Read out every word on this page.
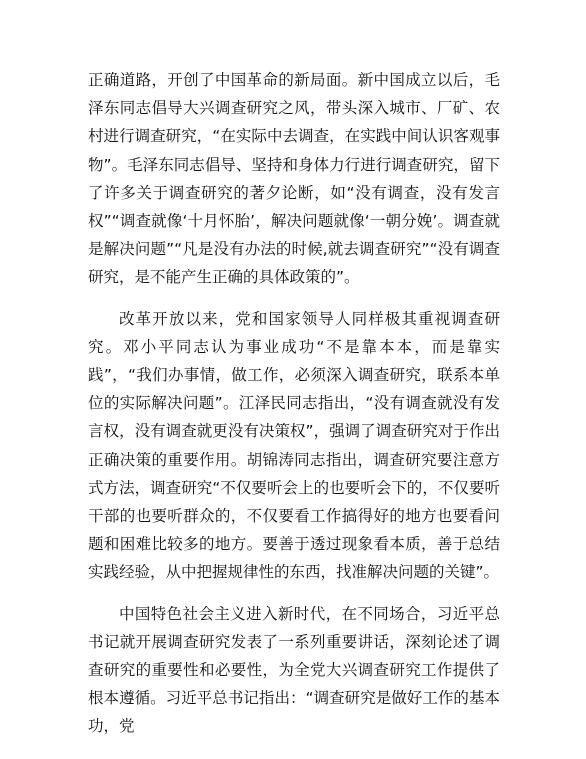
正确道路，开创了中国革命的新局面。新中国成立以后，毛泽东同志倡导大兴调查研究之风，带头深入城市、厂矿、农村进行调查研究，“在实际中去调查，在实践中间认识客观事物”。毛泽东同志倡导、坚持和身体力行进行调查研究，留下了许多关于调查研究的著夕论断，如“没有调查，没有发言权”“调查就像‘十月怀胎’，解决问题就像‘一朝分娩’。调查就是解决问题”“凡是没有办法的时候,就去调查研究”“没有调查研究，是不能产生正确的具体政策的”。

改革开放以来，党和国家领导人同样极其重视调查研究。邓小平同志认为事业成功“不是靠本本，而是靠实践”，“我们办事情，做工作，必须深入调查研究，联系本单位的实际解决问题”。江泽民同志指出，“没有调查就没有发言权，没有调查就更没有决策权”，强调了调查研究对于作出正确决策的重要作用。胡锦涛同志指出，调查研究要注意方式方法，调查研究“不仅要听会上的也要听会下的，不仅要听干部的也要听群众的，不仅要看工作搞得好的地方也要看问题和困难比较多的地方。要善于透过现象看本质，善于总结实践经验，从中把握规律性的东西，找准解决问题的关键”。

中国特色社会主义进入新时代，在不同场合，习近平总书记就开展调查研究发表了一系列重要讲话，深刻论述了调查研究的重要性和必要性，为全党大兴调查研究工作提供了根本遵循。习近平总书记指出：“调查研究是做好工作的基本功，党
